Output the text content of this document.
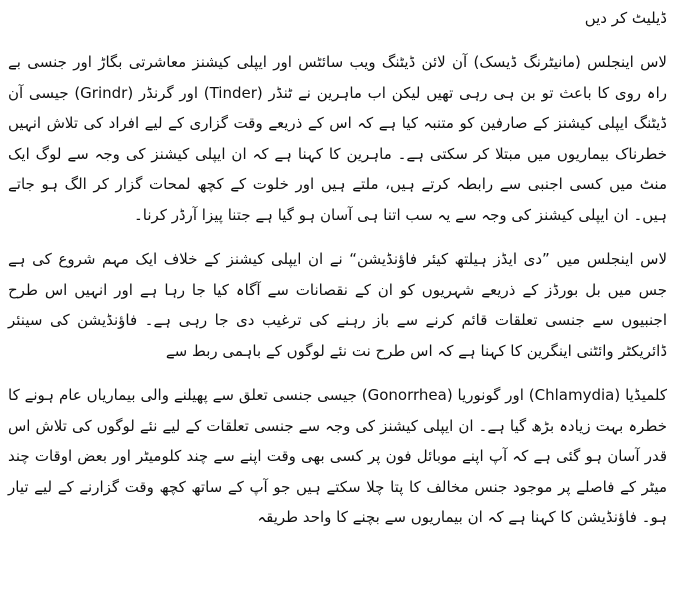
ڈیلیٹ کر دیں

لاس اینجلس (مانیٹرنگ ڈیسک) آن لائن ڈیٹنگ ویب سائٹس اور ایپلی کیشنز معاشرتی بگاڑ اور جنسی بے راہ روی کا باعث تو بن ہی رہی تھیں لیکن اب ماہرین نے ٹنڈر (Tinder) اور گرنڈر (Grindr) جیسی آن ڈیٹنگ ایپلی کیشنز کے صارفین کو متنبہ کیا ہے کہ اس کے ذریعے وقت گزاری کے لیے افراد کی تلاش انہیں خطرناک بیماریوں میں مبتلا کر سکتی ہے۔ ماہرین کا کہنا ہے کہ ان ایپلی کیشنز کی وجہ سے لوگ ایک منٹ میں کسی اجنبی سے رابطہ کرتے ہیں، ملتے ہیں اور خلوت کے کچھ لمحات گزار کر الگ ہو جاتے ہیں۔ ان ایپلی کیشنز کی وجہ سے یہ سب اتنا ہی آسان ہو گیا ہے جتنا پیزا آرڈر کرنا۔

لاس اینجلس میں ”دی ایڈز ہیلتھ کیئر فاؤنڈیشن“ نے ان ایپلی کیشنز کے خلاف ایک مہم شروع کی ہے جس میں بل بورڈز کے ذریعے شہریوں کو ان کے نقصانات سے آگاہ کیا جا رہا ہے اور انہیں اس طرح اجنبیوں سے جنسی تعلقات قائم کرنے سے باز رہنے کی ترغیب دی جا رہی ہے۔ فاؤنڈیشن کی سینئر ڈائریکٹر وائٹنی اینگرین کا کہنا ہے کہ اس طرح نت نئے لوگوں کے باہمی ربط سے

کلمیڈیا (Chlamydia) اور گونوریا (Gonorrhea) جیسی جنسی تعلق سے پھیلنے والی بیماریاں عام ہونے کا خطرہ بہت زیادہ بڑھ گیا ہے۔ ان ایپلی کیشنز کی وجہ سے جنسی تعلقات کے لیے نئے لوگوں کی تلاش اس قدر آسان ہو گئی ہے کہ آپ اپنے موبائل فون پر کسی بھی وقت اپنے سے چند کلومیٹر اور بعض اوقات چند میٹر کے فاصلے پر موجود جنس مخالف کا پتا چلا سکتے ہیں جو آپ کے ساتھ کچھ وقت گزارنے کے لیے تیار ہو۔ فاؤنڈیشن کا کہنا ہے کہ ان بیماریوں سے بچنے کا واحد طریقہ
